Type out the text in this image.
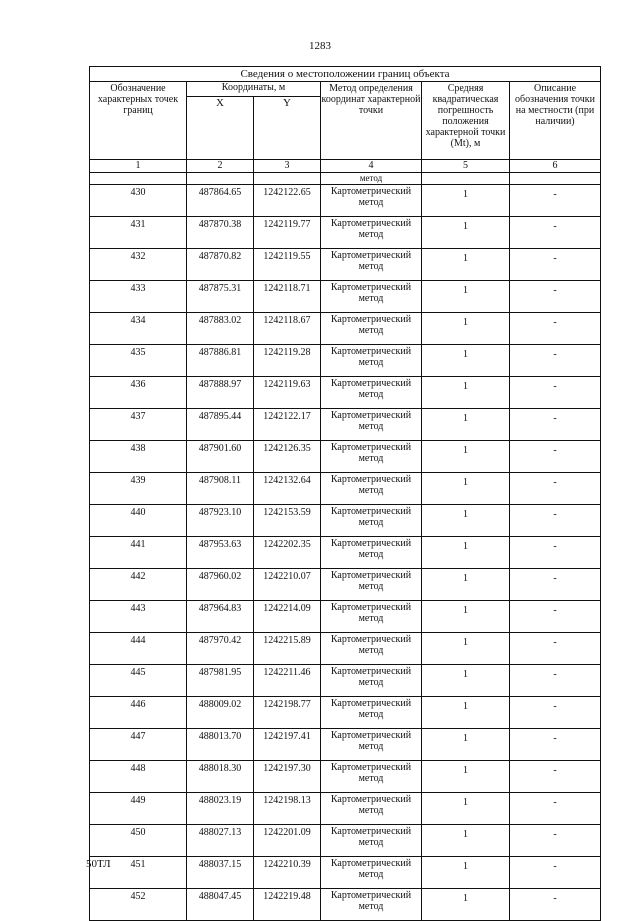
1283
Сведения о местоположении границ объекта					
Обозначение характерных точек границ	Координаты, м		Метод определения координат характерной точки	Средняя квадратическая погрешность положения характерной точки (Mt), м	Описание обозначения точки на местности (при наличии)
	X	Y			
1	2	3	4	5	6
			метод		
430	487864.65	1242122.65	Картометрический метод	1	-
431	487870.38	1242119.77	Картометрический метод	1	-
432	487870.82	1242119.55	Картометрический метод	1	-
433	487875.31	1242118.71	Картометрический метод	1	-
434	487883.02	1242118.67	Картометрический метод	1	-
435	487886.81	1242119.28	Картометрический метод	1	-
436	487888.97	1242119.63	Картометрический метод	1	-
437	487895.44	1242122.17	Картометрический метод	1	-
438	487901.60	1242126.35	Картометрический метод	1	-
439	487908.11	1242132.64	Картометрический метод	1	-
440	487923.10	1242153.59	Картометрический метод	1	-
441	487953.63	1242202.35	Картометрический метод	1	-
442	487960.02	1242210.07	Картометрический метод	1	-
443	487964.83	1242214.09	Картометрический метод	1	-
444	487970.42	1242215.89	Картометрический метод	1	-
445	487981.95	1242211.46	Картометрический метод	1	-
446	488009.02	1242198.77	Картометрический метод	1	-
447	488013.70	1242197.41	Картометрический метод	1	-
448	488018.30	1242197.30	Картометрический метод	1	-
449	488023.19	1242198.13	Картометрический метод	1	-
450	488027.13	1242201.09	Картометрический метод	1	-
451	488037.15	1242210.39	Картометрический метод	1	-
452	488047.45	1242219.48	Картометрический метод	1	-
50ТЛ
